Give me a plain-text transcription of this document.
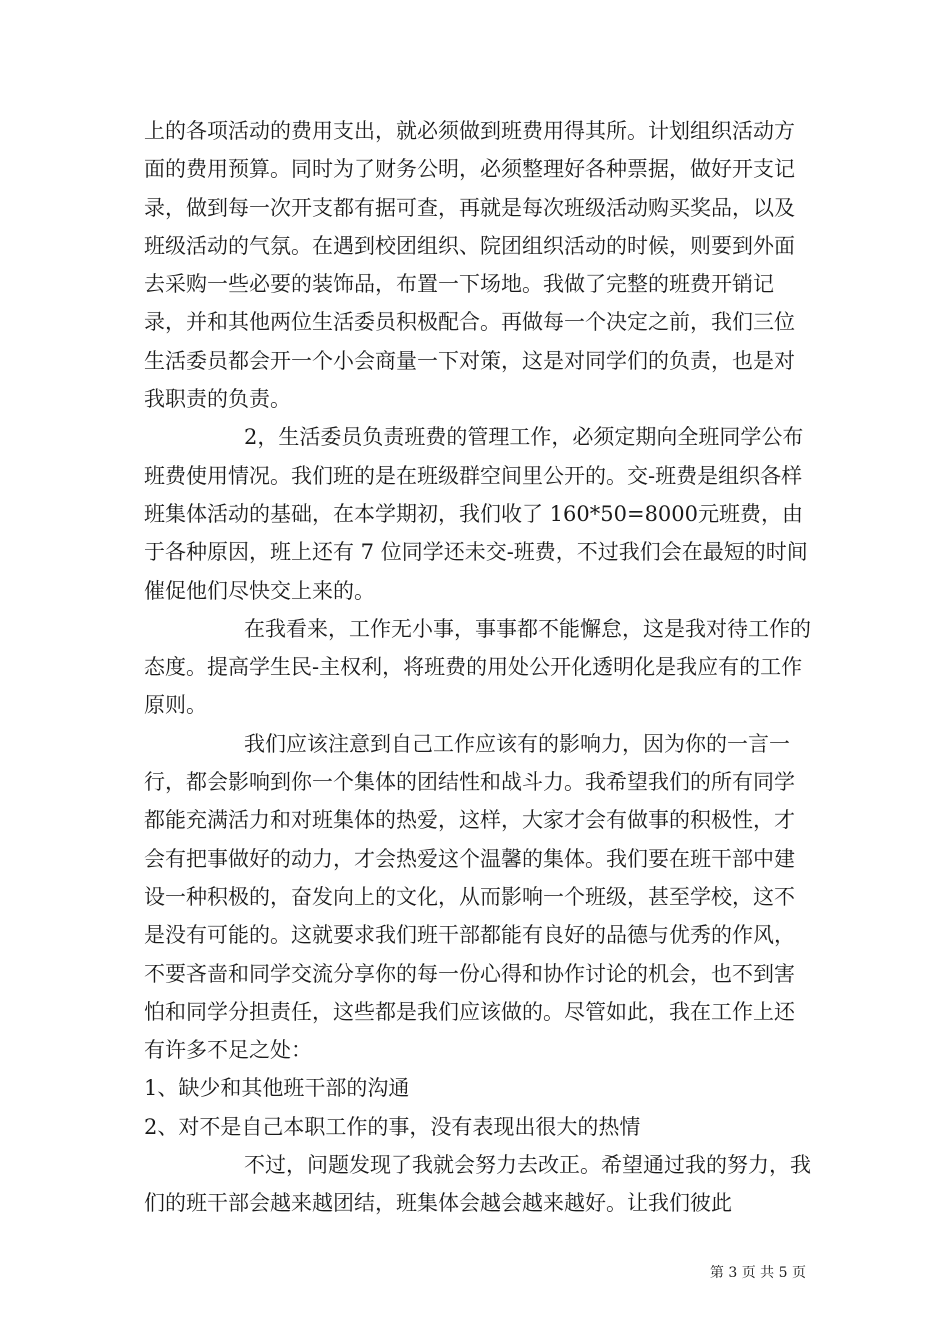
上的各项活动的费用支出，就必须做到班费用得其所。计划组织活动方面的费用预算。同时为了财务公明，必须整理好各种票据，做好开支记录，做到每一次开支都有据可查，再就是每次班级活动购买奖品，以及班级活动的气氛。在遇到校团组织、院团组织活动的时候，则要到外面去采购一些必要的装饰品，布置一下场地。我做了完整的班费开销记录，并和其他两位生活委员积极配合。再做每一个决定之前，我们三位生活委员都会开一个小会商量一下对策，这是对同学们的负责，也是对我职责的负责。

2，生活委员负责班费的管理工作，必须定期向全班同学公布班费使用情况。我们班的是在班级群空间里公开的。交-班费是组织各样班集体活动的基础，在本学期初，我们收了 160*50=8000元班费，由于各种原因，班上还有 7 位同学还未交-班费，不过我们会在最短的时间催促他们尽快交上来的。

在我看来，工作无小事，事事都不能懈怠，这是我对待工作的态度。提高学生民-主权利，将班费的用处公开化透明化是我应有的工作原则。

我们应该注意到自己工作应该有的影响力，因为你的一言一行，都会影响到你一个集体的团结性和战斗力。我希望我们的所有同学都能充满活力和对班集体的热爱，这样，大家才会有做事的积极性，才会有把事做好的动力，才会热爱这个温馨的集体。我们要在班干部中建设一种积极的，奋发向上的文化，从而影响一个班级，甚至学校，这不是没有可能的。这就要求我们班干部都能有良好的品德与优秀的作风，不要吝啬和同学交流分享你的每一份心得和协作讨论的机会，也不到害怕和同学分担责任，这些都是我们应该做的。尽管如此，我在工作上还有许多不足之处：

1、缺少和其他班干部的沟通

2、对不是自己本职工作的事，没有表现出很大的热情

不过，问题发现了我就会努力去改正。希望通过我的努力，我们的班干部会越来越团结，班集体会越会越来越好。让我们彼此

第 3 页 共 5 页
